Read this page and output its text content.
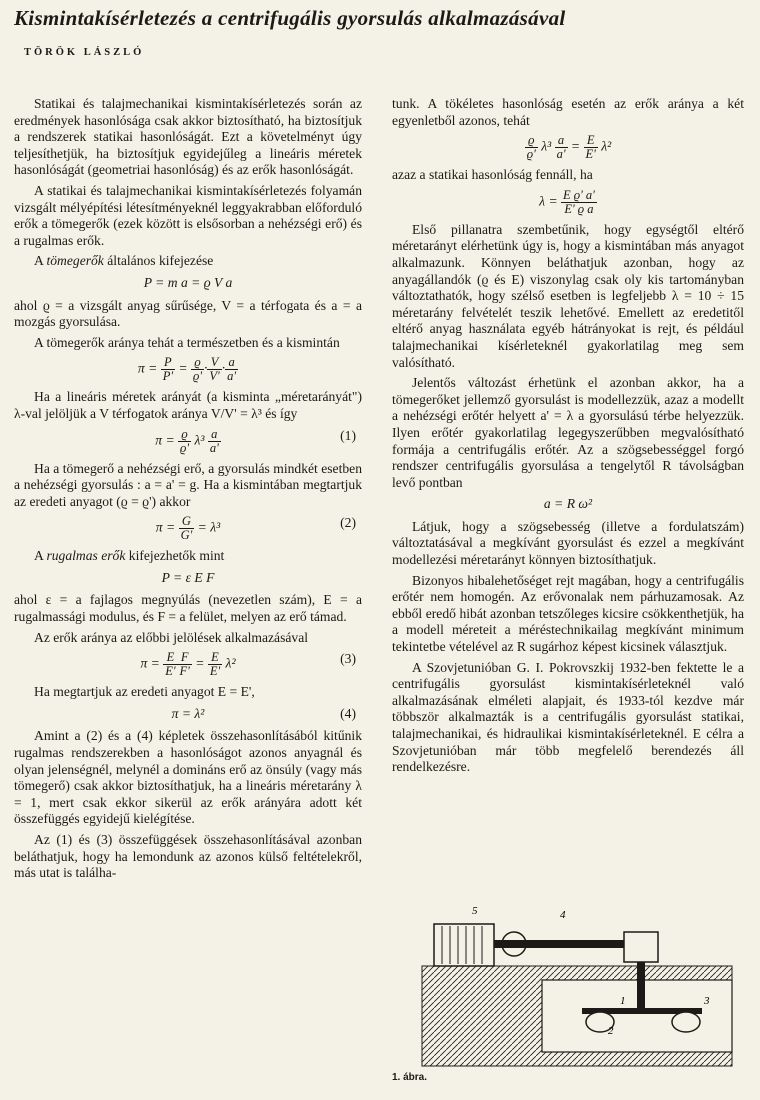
Kismintakísérletezés a centrifugális gyorsulás alkalmazásával
TÖRÖK LÁSZLÓ

Statikai és talajmechanikai kismintakísérletezés során az eredmények hasonlósága csak akkor biztosítható, ha biztosítjuk a rendszerek statikai hasonlóságát. Ezt a követelményt úgy teljesíthetjük, ha biztosítjuk egyidejűleg a lineáris méretek hasonlóságát (geometriai hasonlóság) és az erők hasonlóságát.

A statikai és talajmechanikai kismintakísérletezés folyamán vizsgált mélyépítési létesítményeknél leggyakrabban előforduló erők a tömegerők (ezek között is elsősorban a nehézségi erő) és a rugalmas erők.

A tömegerők általános kifejezése

P = m a = ϱ V a

ahol ϱ = a vizsgált anyag sűrűsége, V = a térfogata és a = a mozgás gyorsulása.

A tömegerők aránya tehát a természetben és a kismintán

$\pi = \frac{P}{P'} = \frac{ϱ}{ϱ'} \cdot \frac{V}{V'} \cdot \frac{a}{a'}$

Ha a lineáris méretek arányát (a kisminta „méretarányát") λ-val jelöljük a V térfogatok aránya V/V' = λ³ és így

$\pi = \frac{ϱ}{ϱ'} \lambda^3 \frac{a}{a'}$	(1)

Ha a tömegerő a nehézségi erő, a gyorsulás mindkét esetben a nehézségi gyorsulás : a = a' = g. Ha a kismintában megtartjuk az eredeti anyagot (ϱ = ϱ') akkor

$\pi = \frac{G}{G'} = \lambda^3$	(2)

A rugalmas erők kifejezhetők mint

P = ε E F

ahol ε = a fajlagos megnyúlás (nevezetlen szám), E = a rugalmassági modulus, és F = a felület, melyen az erő támad.

Az erők aránya az előbbi jelölések alkalmazásával

$\pi = \frac{E}{E'} \frac{F}{F'} = \frac{E}{E'} \lambda^2$	(3)

Ha megtartjuk az eredeti anyagot E = E',

π = λ²	(4)

Amint a (2) és a (4) képletek összehasonlításából kitűnik rugalmas rendszerekben a hasonlóságot azonos anyagnál és olyan jelenségnél, melynél a domináns erő az önsúly (vagy más tömegerő) csak akkor biztosíthatjuk, ha a lineáris méretarány λ = 1, mert csak ekkor sikerül az erők arányára adott két összefüggés egyidejű kielégítése.

Az (1) és (3) összefüggések összehasonlításával azonban beláthatjuk, hogy ha lemondunk az azonos külső feltételekről, más utat is találha-

tunk. A tökéletes hasonlóság esetén az erők aránya a két egyenletből azonos, tehát

$\frac{ϱ}{ϱ'} \lambda^3 \frac{a}{a'} = \frac{E}{E'} \lambda^2$

azaz a statikai hasonlóság fennáll, ha

$\lambda = \frac{\text{E ϱ' a'}}{\text{E' ϱ a}}$

Első pillanatra szembetűnik, hogy egységtől eltérő méretarányt elérhetünk úgy is, hogy a kismintában más anyagot alkalmazunk. Könnyen beláthatjuk azonban, hogy az anyagállandók (ϱ és E) viszonylag csak oly kis tartományban változtathatók, hogy szélső esetben is legfeljebb λ = 10 ÷ 15 méretarány felvételét teszik lehetővé. Emellett az eredetitől eltérő anyag használata egyéb hátrányokat is rejt, és például talajmechanikai kísérleteknél gyakorlatilag meg sem valósítható.

Jelentős változást érhetünk el azonban akkor, ha a tömegerőket jellemző gyorsulást is modellezzük, azaz a modellt a nehézségi erőtér helyett a' = λ a gyorsulású térbe helyezzük. Ilyen erőtér gyakorlatilag legegyszerűbben megvalósítható formája a centrifugális erőtér. Az a szögsebességgel forgó rendszer centrifugális gyorsulása a tengelytől R távolságban levő pontban

a = R ω²

Látjuk, hogy a szögsebesség (illetve a fordulatszám) változtatásával a megkívánt gyorsulást és ezzel a megkívánt modellezési méretarányt könnyen biztosíthatjuk.

Bizonyos hibalehetőséget rejt magában, hogy a centrifugális erőtér nem homogén. Az erővonalak nem párhuzamosak. Az ebből eredő hibát azonban tetszőleges kicsire csökkenthetjük, ha a modell méreteit a méréstechnikailag megkívánt minimum tekintetbe vételével az R sugárhoz képest kicsinek választjuk.

A Szovjetunióban G. I. Pokrovszkij 1932-ben fektette le a centrifugális gyorsulást kismintakísérleteknél való alkalmazásának elméleti alapjait, és 1933-tól kezdve már többször alkalmazták is a centrifugális gyorsulást statikai, talajmechanikai, és hidraulikai kismintakísérleteknél. E célra a Szovjetunióban már több megfelelő berendezés áll rendelkezésre.

1
2
3
4
5
1. ábra.
